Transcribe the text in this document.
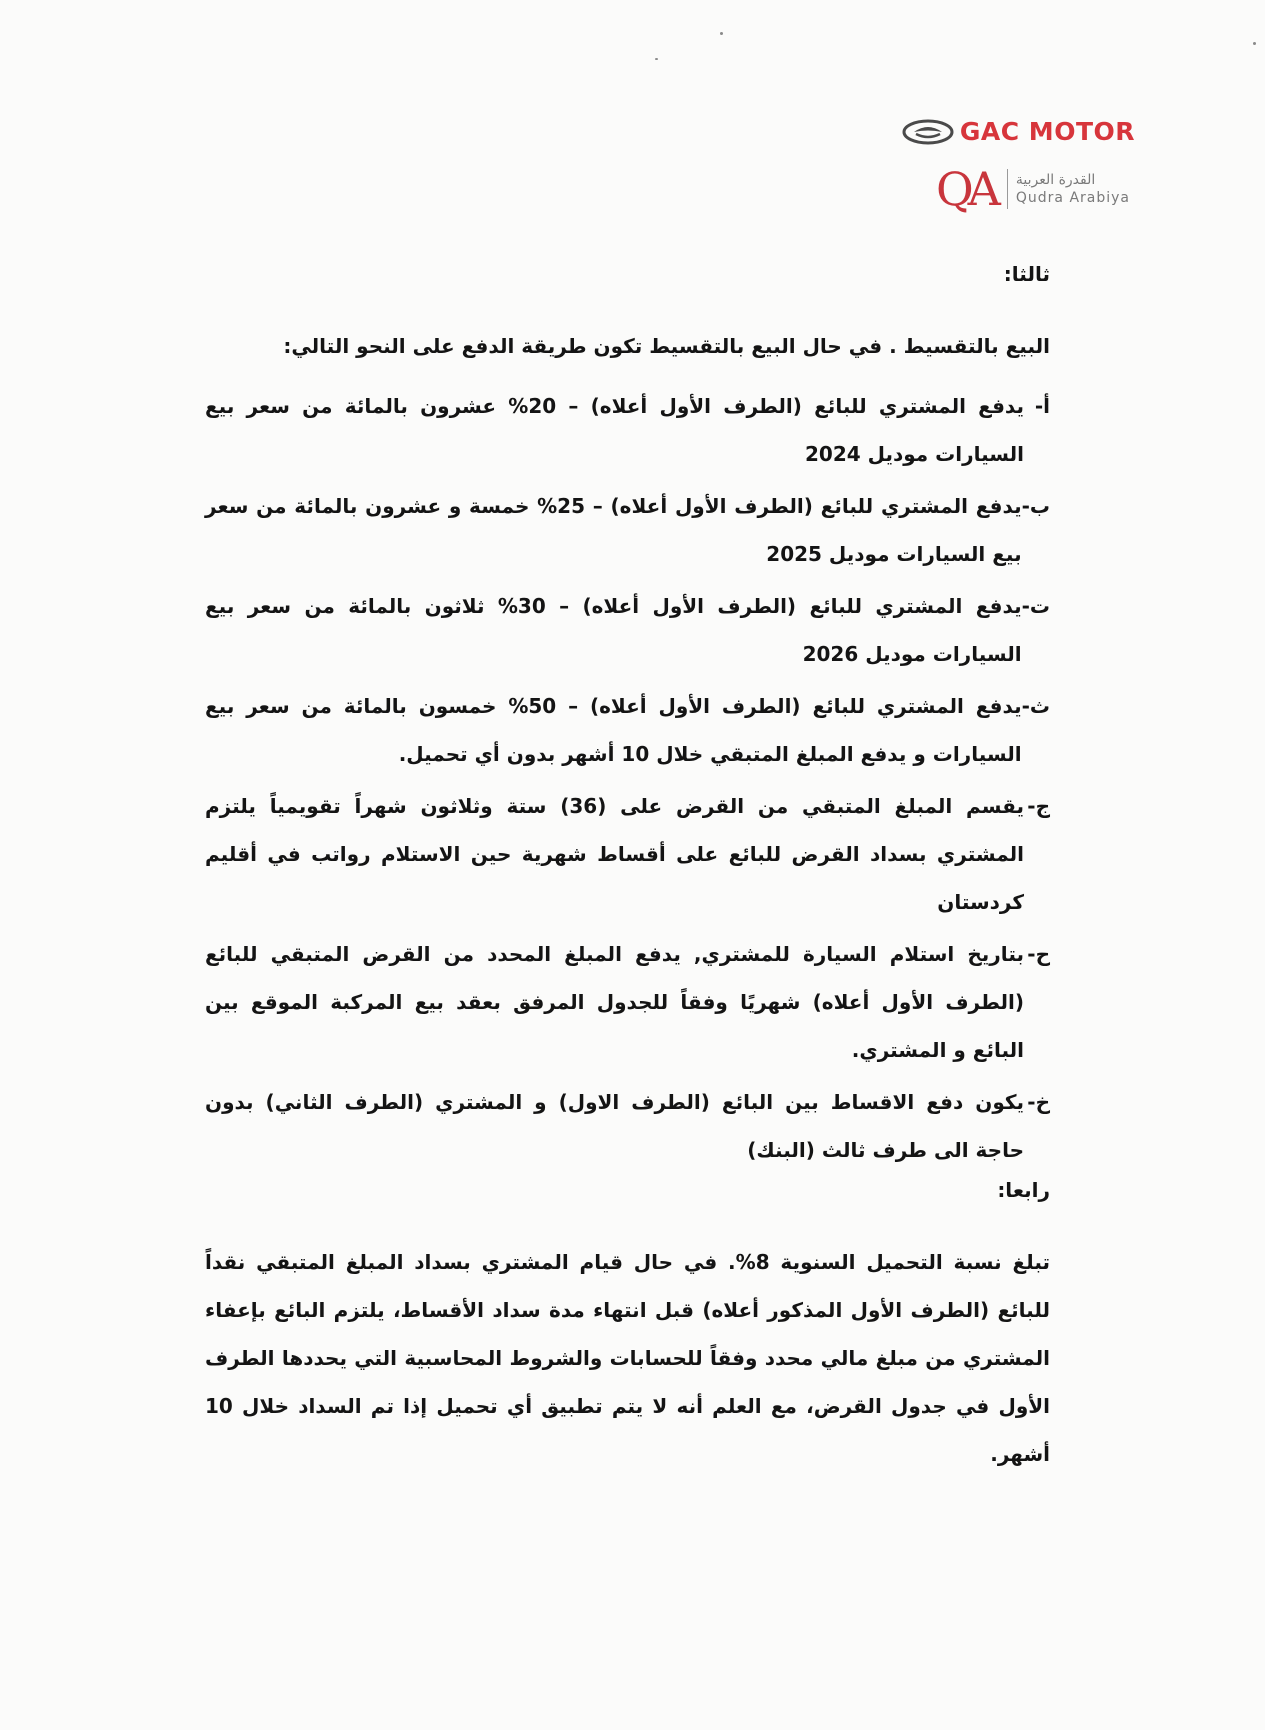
GAC MOTOR
QA القدرة العربية
Qudra Arabiya
ثالثا:
البيع بالتقسيط . في حال البيع بالتقسيط تكون طريقة الدفع على النحو التالي:
أ-
يدفع المشتري للبائع (الطرف الأول أعلاه) – 20% عشرون بالمائة من سعر بيع السيارات موديل 2024
ب-
يدفع المشتري للبائع (الطرف الأول أعلاه) – 25% خمسة و عشرون بالمائة من سعر بيع السيارات موديل 2025
ت-
يدفع المشتري للبائع (الطرف الأول أعلاه) – 30% ثلاثون بالمائة من سعر بيع السيارات موديل 2026
ث-
يدفع المشتري للبائع (الطرف الأول أعلاه) – 50% خمسون بالمائة من سعر بيع السيارات و يدفع المبلغ المتبقي خلال 10 أشهر بدون أي تحميل.
ج-
يقسم المبلغ المتبقي من القرض على (36) ستة وثلاثون شهراً تقويمياً يلتزم المشتري بسداد القرض للبائع على أقساط شهرية حين الاستلام رواتب في أقليم كردستان
ح-
بتاريخ استلام السيارة للمشتري, يدفع المبلغ المحدد من القرض المتبقي للبائع (الطرف الأول أعلاه) شهريًا وفقاً للجدول المرفق بعقد بيع المركبة الموقع بين البائع و المشتري.
خ-
يكون دفع الاقساط بين البائع (الطرف الاول) و المشتري (الطرف الثاني) بدون حاجة الى طرف ثالث (البنك)
رابعا:
تبلغ نسبة التحميل السنوية 8%. في حال قيام المشتري بسداد المبلغ المتبقي نقداً للبائع (الطرف الأول المذكور أعلاه) قبل انتهاء مدة سداد الأقساط، يلتزم البائع بإعفاء المشتري من مبلغ مالي محدد وفقاً للحسابات والشروط المحاسبية التي يحددها الطرف الأول في جدول القرض، مع العلم أنه لا يتم تطبيق أي تحميل إذا تم السداد خلال 10 أشهر.
